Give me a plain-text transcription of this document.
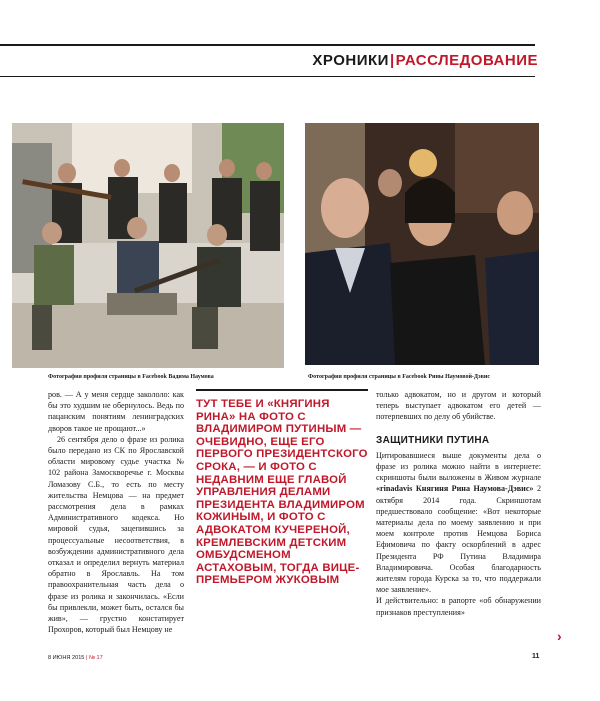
ХРОНИКИ|РАССЛЕДОВАНИЕ
Фотография профиля страницы в Facebook Вадима Наумова	Фотография профиля страницы в Facebook Рины Наумовой-Дэвис

ров. — А у меня сердце закололо: как бы это худшим не обернулось. Ведь по пацанским понятиям ленинградских дворов такое не прощают...»

26 сентября дело о фразе из ролика было передано из СК по Ярославской области мировому судье участка № 102 района Замоскворечье г. Москвы Ломазову С.Б., то есть по месту жительства Немцова — на предмет рассмотрения дела в рамках Административного кодекса. Но мировой судья, зацепившись за процессуальные несоответствия, в возбуждении административного дела отказал и определил вернуть материал обратно в Ярославль. На том правоохранительная часть дела о фразе из ролика и закончилась. «Если бы привлекли, может быть, остался бы жив», — грустно констатирует Прохоров, который был Немцову не

ТУТ ТЕБЕ И «КНЯГИНЯ РИНА» НА ФОТО С ВЛАДИМИРОМ ПУТИНЫМ — ОЧЕВИДНО, ЕЩЕ ЕГО ПЕРВОГО ПРЕЗИДЕНТСКОГО СРОКА, — И ФОТО С НЕДАВНИМ ЕЩЕ ГЛАВОЙ УПРАВЛЕНИЯ ДЕЛАМИ ПРЕЗИДЕНТА ВЛАДИМИРОМ КОЖИНЫМ, И ФОТО С АДВОКАТОМ КУЧЕРЕНОЙ, КРЕМЛЕВСКИМ ДЕТСКИМ ОМБУДСМЕНОМ АСТАХОВЫМ, ТОГДА ВИЦЕ-ПРЕМЬЕРОМ ЖУКОВЫМ

только адвокатом, но и другом и который теперь выступает адвокатом его детей — потерпевших по делу об убийстве.

ЗАЩИТНИКИ ПУТИНА

Цитировавшиеся выше документы дела о фразе из ролика можно найти в интернете: скриншоты были выложены в Живом журнале «rinadavis Княгиня Рина Наумова-Дэвис» 2 октября 2014 года. Скриншотам предшествовало сообщение: «Вот некоторые материалы дела по моему заявлению и при моем контроле против Немцова Бориса Ефимовича по факту оскорблений в адрес Президента РФ Путина Владимира Владимировича. Особая благодарность жителям города Курска за то, что поддержали мое заявление».

И действительно: в рапорте «об обнаружении признаков преступления»

›
8 ИЮНЯ 2015 | № 17	11
